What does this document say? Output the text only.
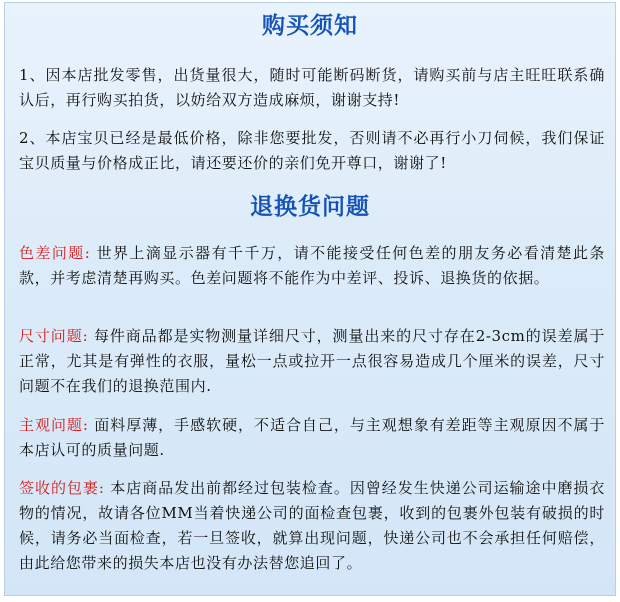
购买须知
1、因本店批发零售，出货量很大，随时可能断码断货，请购买前与店主旺旺联系确认后，再行购买拍货，以妨给双方造成麻烦，谢谢支持!
2、本店宝贝已经是最低价格，除非您要批发，否则请不必再行小刀伺候，我们保证宝贝质量与价格成正比，请还要还价的亲们免开尊口，谢谢了!
退换货问题
色差问题: 世界上滴显示器有千千万，请不能接受任何色差的朋友务必看清楚此条款，并考虑清楚再购买。色差问题将不能作为中差评、投诉、退换货的依据。
尺寸问题: 每件商品都是实物测量详细尺寸，测量出来的尺寸存在2-3cm的误差属于正常，尤其是有弹性的衣服，量松一点或拉开一点很容易造成几个厘米的误差，尺寸问题不在我们的退换范围内.
主观问题: 面料厚薄，手感软硬，不适合自己，与主观想象有差距等主观原因不属于本店认可的质量问题.
签收的包裹: 本店商品发出前都经过包装检查。因曾经发生快递公司运输途中磨损衣物的情况，故请各位MM当着快递公司的面检查包裹，收到的包裹外包装有破损的时候，请务必当面检查，若一旦签收，就算出现问题，快递公司也不会承担任何赔偿，由此给您带来的损失本店也没有办法替您追回了。
